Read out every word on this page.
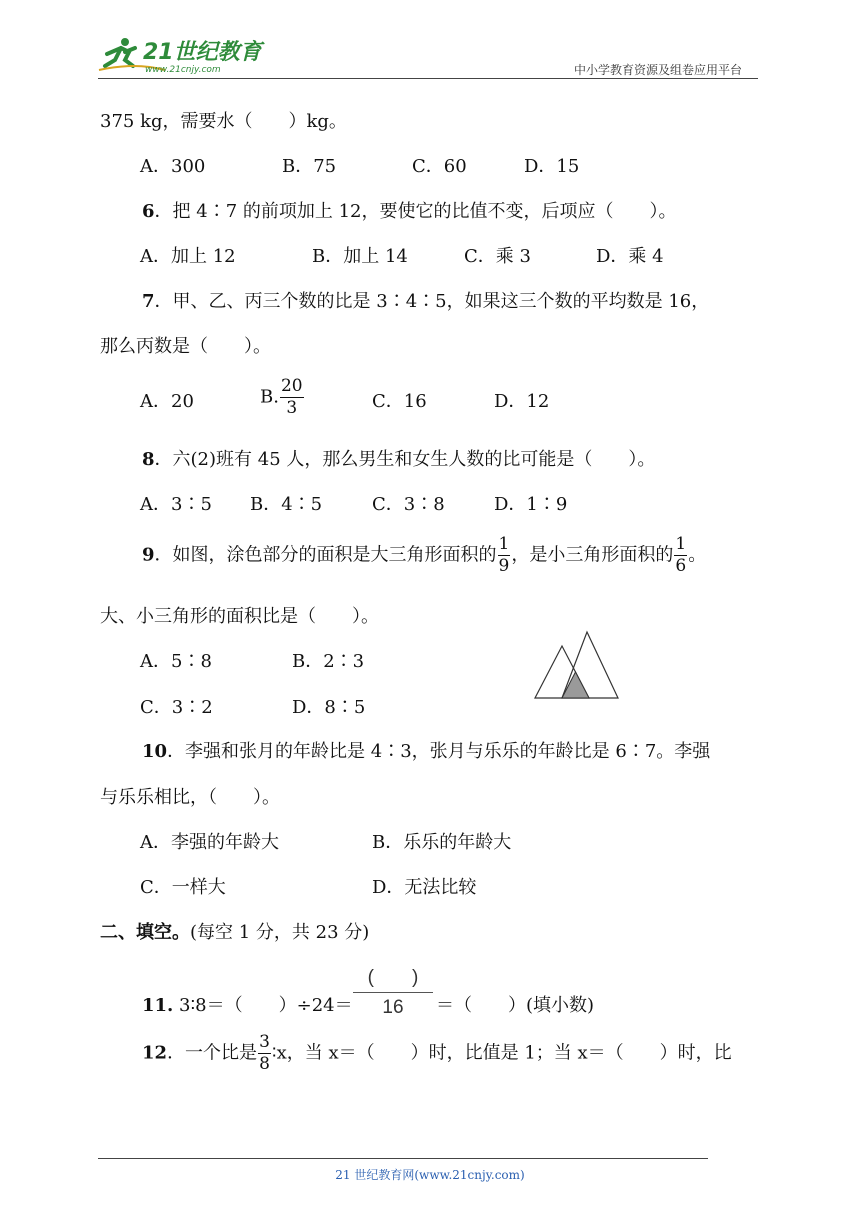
21世纪教育
www.21cnjy.com	中小学教育资源及组卷应用平台
375 kg，需要水（　　）kg。
A．300	B．75	C．60	D．15
6．把 4∶7 的前项加上 12，要使它的比值不变，后项应（　　）。
A．加上 12	B．加上 14	C．乘 3	D．乘 4
7．甲、乙、丙三个数的比是 3∶4∶5，如果这三个数的平均数是 16，
那么丙数是（　　）。
A．20	B. $\frac{20}{3}$	C．16	D．12
8．六(2)班有 45 人，那么男生和女生人数的比可能是（　　）。
A．3∶5 B．4∶5	C．3∶8	D．1∶9
9．如图，涂色部分的面积是大三角形面积的 $\frac{1}{9}$ ，是小三角形面积的 $\frac{1}{6}$ 。
大、小三角形的面积比是（　　）。
A．5∶8	B．2∶3
C．3∶2	D．8∶5
10．李强和张月的年龄比是 4∶3，张月与乐乐的年龄比是 6∶7。李强
与乐乐相比，（　　）。
A．李强的年龄大	B．乐乐的年龄大
C．一样大	D．无法比较
二、填空。(每空 1 分，共 23 分)
11. 3∶8＝（　　）÷24＝
(　　)
16	＝（　　）(填小数)
12．一个比是 $\frac{3}{8}$ ∶x，当 x＝（　　）时，比值是 1；当 x＝（　　）时，比
21 世纪教育网(www.21cnjy.com)
